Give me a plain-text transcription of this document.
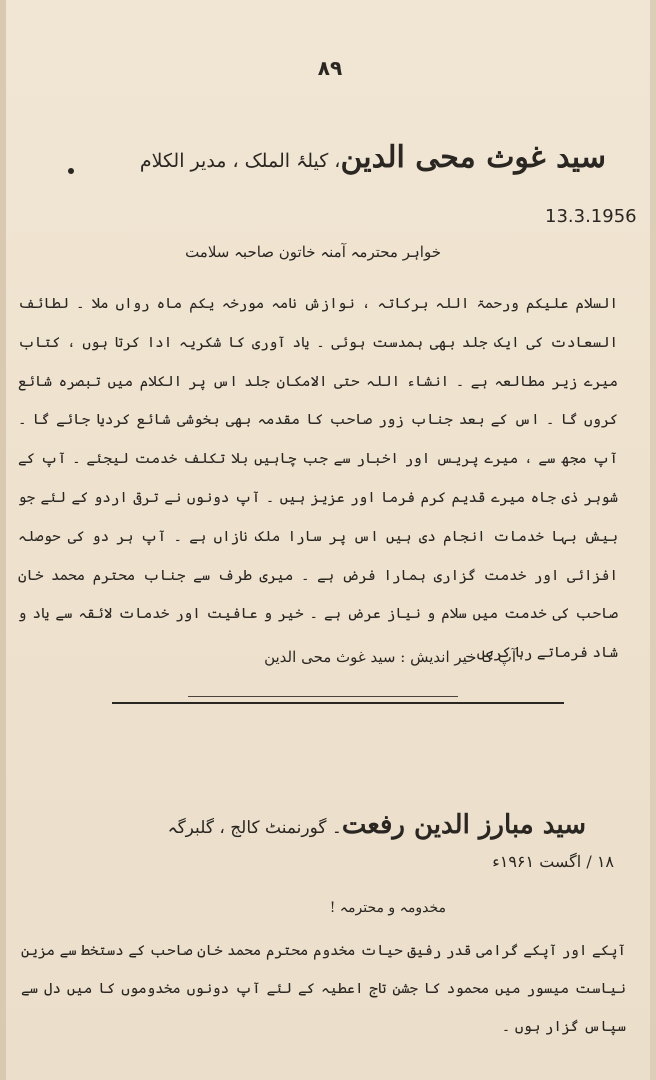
۸۹
سید غوث محی الدین، کیلۂ الملک ، مدیر الکلام
13.3.1956
خواہر محترمہ آمنہ خاتون صاحبہ سلامت
السلام علیکم ورحمۃ اللہ برکاتہ ، نوازش نامہ مورخہ یکم ماہ رواں ملا ۔ لطائف السعادت کی ایک جلد بھی ہمدست ہوئی ۔ یاد آوری کا شکریہ ادا کرتا ہوں ، کتاب میرے زیر مطالعہ ہے ۔ انشاء اللہ حتی الامکان جلد اس پر الکلام میں تبصرہ شائع کروں گا ۔ اس کے بعد جناب زور صاحب کا مقدمہ بھی بخوشی شائع کردیا جائے گا ۔ آپ مجھ سے ، میرے پریس اور اخبار سے جب چاہیں بلا تکلف خدمت لیجئے ۔ آپ کے شوہر ذی جاہ میرے قدیم کرم فرما اور عزیز ہیں ۔ آپ دونوں نے ترقی اردو کے لئے جو بیش بہا خدمات انجام دی ہیں اس پر سارا ملک نازاں ہے ۔ آپ ہر دو کی حوصلہ افزائی اور خدمت گزاری ہمارا فرض ہے ۔ میری طرف سے جناب محترم محمد خان صاحب کی خدمت میں سلام و نیاز عرض ہے ۔ خیر و عافیت اور خدمات لائقہ سے یاد و شاد فرماتے رہا کریں ۔
آپ کا خیر اندیش : سید غوث محی الدین
سید مبارز الدین رفعت۔ گورنمنٹ کالج ، گلبرگہ
۱۸ / اگست ۱۹۶۱ء
مخدومہ و محترمہ !
آپکے اور آپکے گرامی قدر رفیق حیات مخدوم محترم محمد خان صاحب کے دستخط سے مزین نیاست میسور میں محمود کا جشن تاج اعطیہ کے لئے آپ دونوں مخدوموں کا میں دل سے سپاس گزار ہوں ۔
